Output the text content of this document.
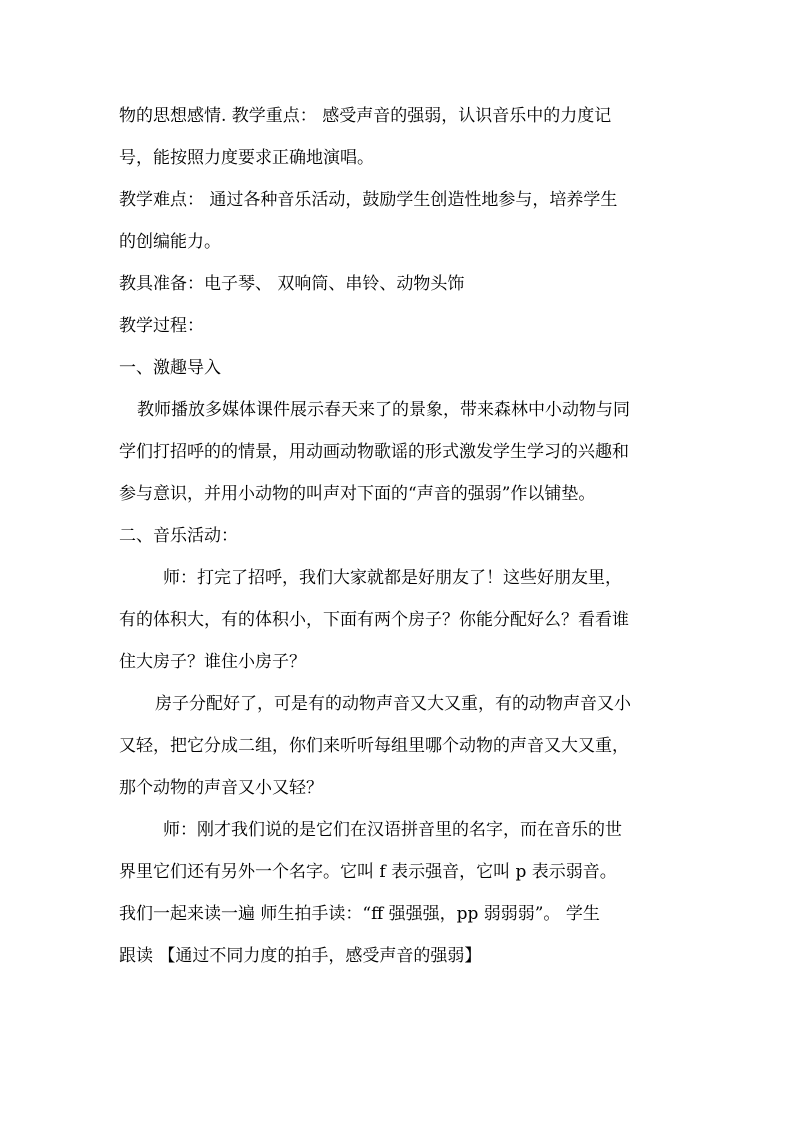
物的思想感情. 教学重点： 感受声音的强弱，认识音乐中的力度记
号，能按照力度要求正确地演唱。
教学难点： 通过各种音乐活动，鼓励学生创造性地参与，培养学生
的创编能力。
教具准备：电子琴、 双响筒、串铃、动物头饰
教学过程：
一、激趣导入
教师播放多媒体课件展示春天来了的景象，带来森林中小动物与同
学们打招呼的的情景，用动画动物歌谣的形式激发学生学习的兴趣和
参与意识，并用小动物的叫声对下面的“声音的强弱”作以铺垫。
二、音乐活动：
师：打完了招呼，我们大家就都是好朋友了！这些好朋友里，
有的体积大，有的体积小，下面有两个房子？你能分配好么？看看谁
住大房子？谁住小房子？
房子分配好了，可是有的动物声音又大又重，有的动物声音又小
又轻，把它分成二组，你们来听听每组里哪个动物的声音又大又重，
那个动物的声音又小又轻？
师：刚才我们说的是它们在汉语拼音里的名字，而在音乐的世
界里它们还有另外一个名字。它叫 f 表示强音，它叫 p 表示弱音。
我们一起来读一遍 师生拍手读：“ff 强强强，pp 弱弱弱”。 学生
跟读 【通过不同力度的拍手，感受声音的强弱】
